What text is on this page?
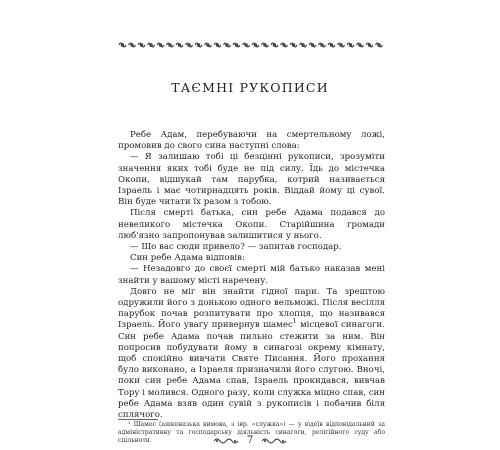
ТАЄМНІ РУКОПИСИ

Ребе Адам, перебуваючи на смертельному ложі, промовив до свого сина наступні слова:

— Я залишаю тобі ці безцінні рукописи, зрозуміти значення яких тобі буде не під силу. Їдь до містечка Окопи, відшукай там парубка, котрий називається Ізраель і має чотирнадцять років. Віддай йому ці сувої. Він буде читати їх разом з тобою.

Після смерті батька, син ребе Адама подався до невеликого містечка Окопи. Старійшина громади люб'язно запропонував залишитися у нього.

— Що вас сюди привело? — запитав господар.

Син ребе Адама відповів:

— Незадовго до своєї смерті мій батько наказав мені знайти у вашому місті наречену.

Довго не міг він знайти гідної пари. Та зрештою одружили його з донькою одного вельможі. Після весілля парубок почав розпитувати про хлопця, що називався Ізраель. Його увагу привернув шамес$^1$ місцевої синагоги. Син ребе Адама почав пильно стежити за ним. Він попросив побудувати йому в синагозі окрему кімнату, щоб спокійно вивчати Святе Писання. Його прохання було виконано, а Ізраеля призначили його слугою. Вночі, поки син ребе Адама спав, Ізраель прокидався, вивчав Тору і молився. Одного разу, коли служка міцно спав, син ребе Адама взяв один сувій з рукописів і побачив біля сплячого.

¹ Шамес (ашкеназька вимова, з івр. «служка») — у юдеїв відповідальний за адміністративну та господарську діяльність синагоги, релігійного суду або спільноти.	7
